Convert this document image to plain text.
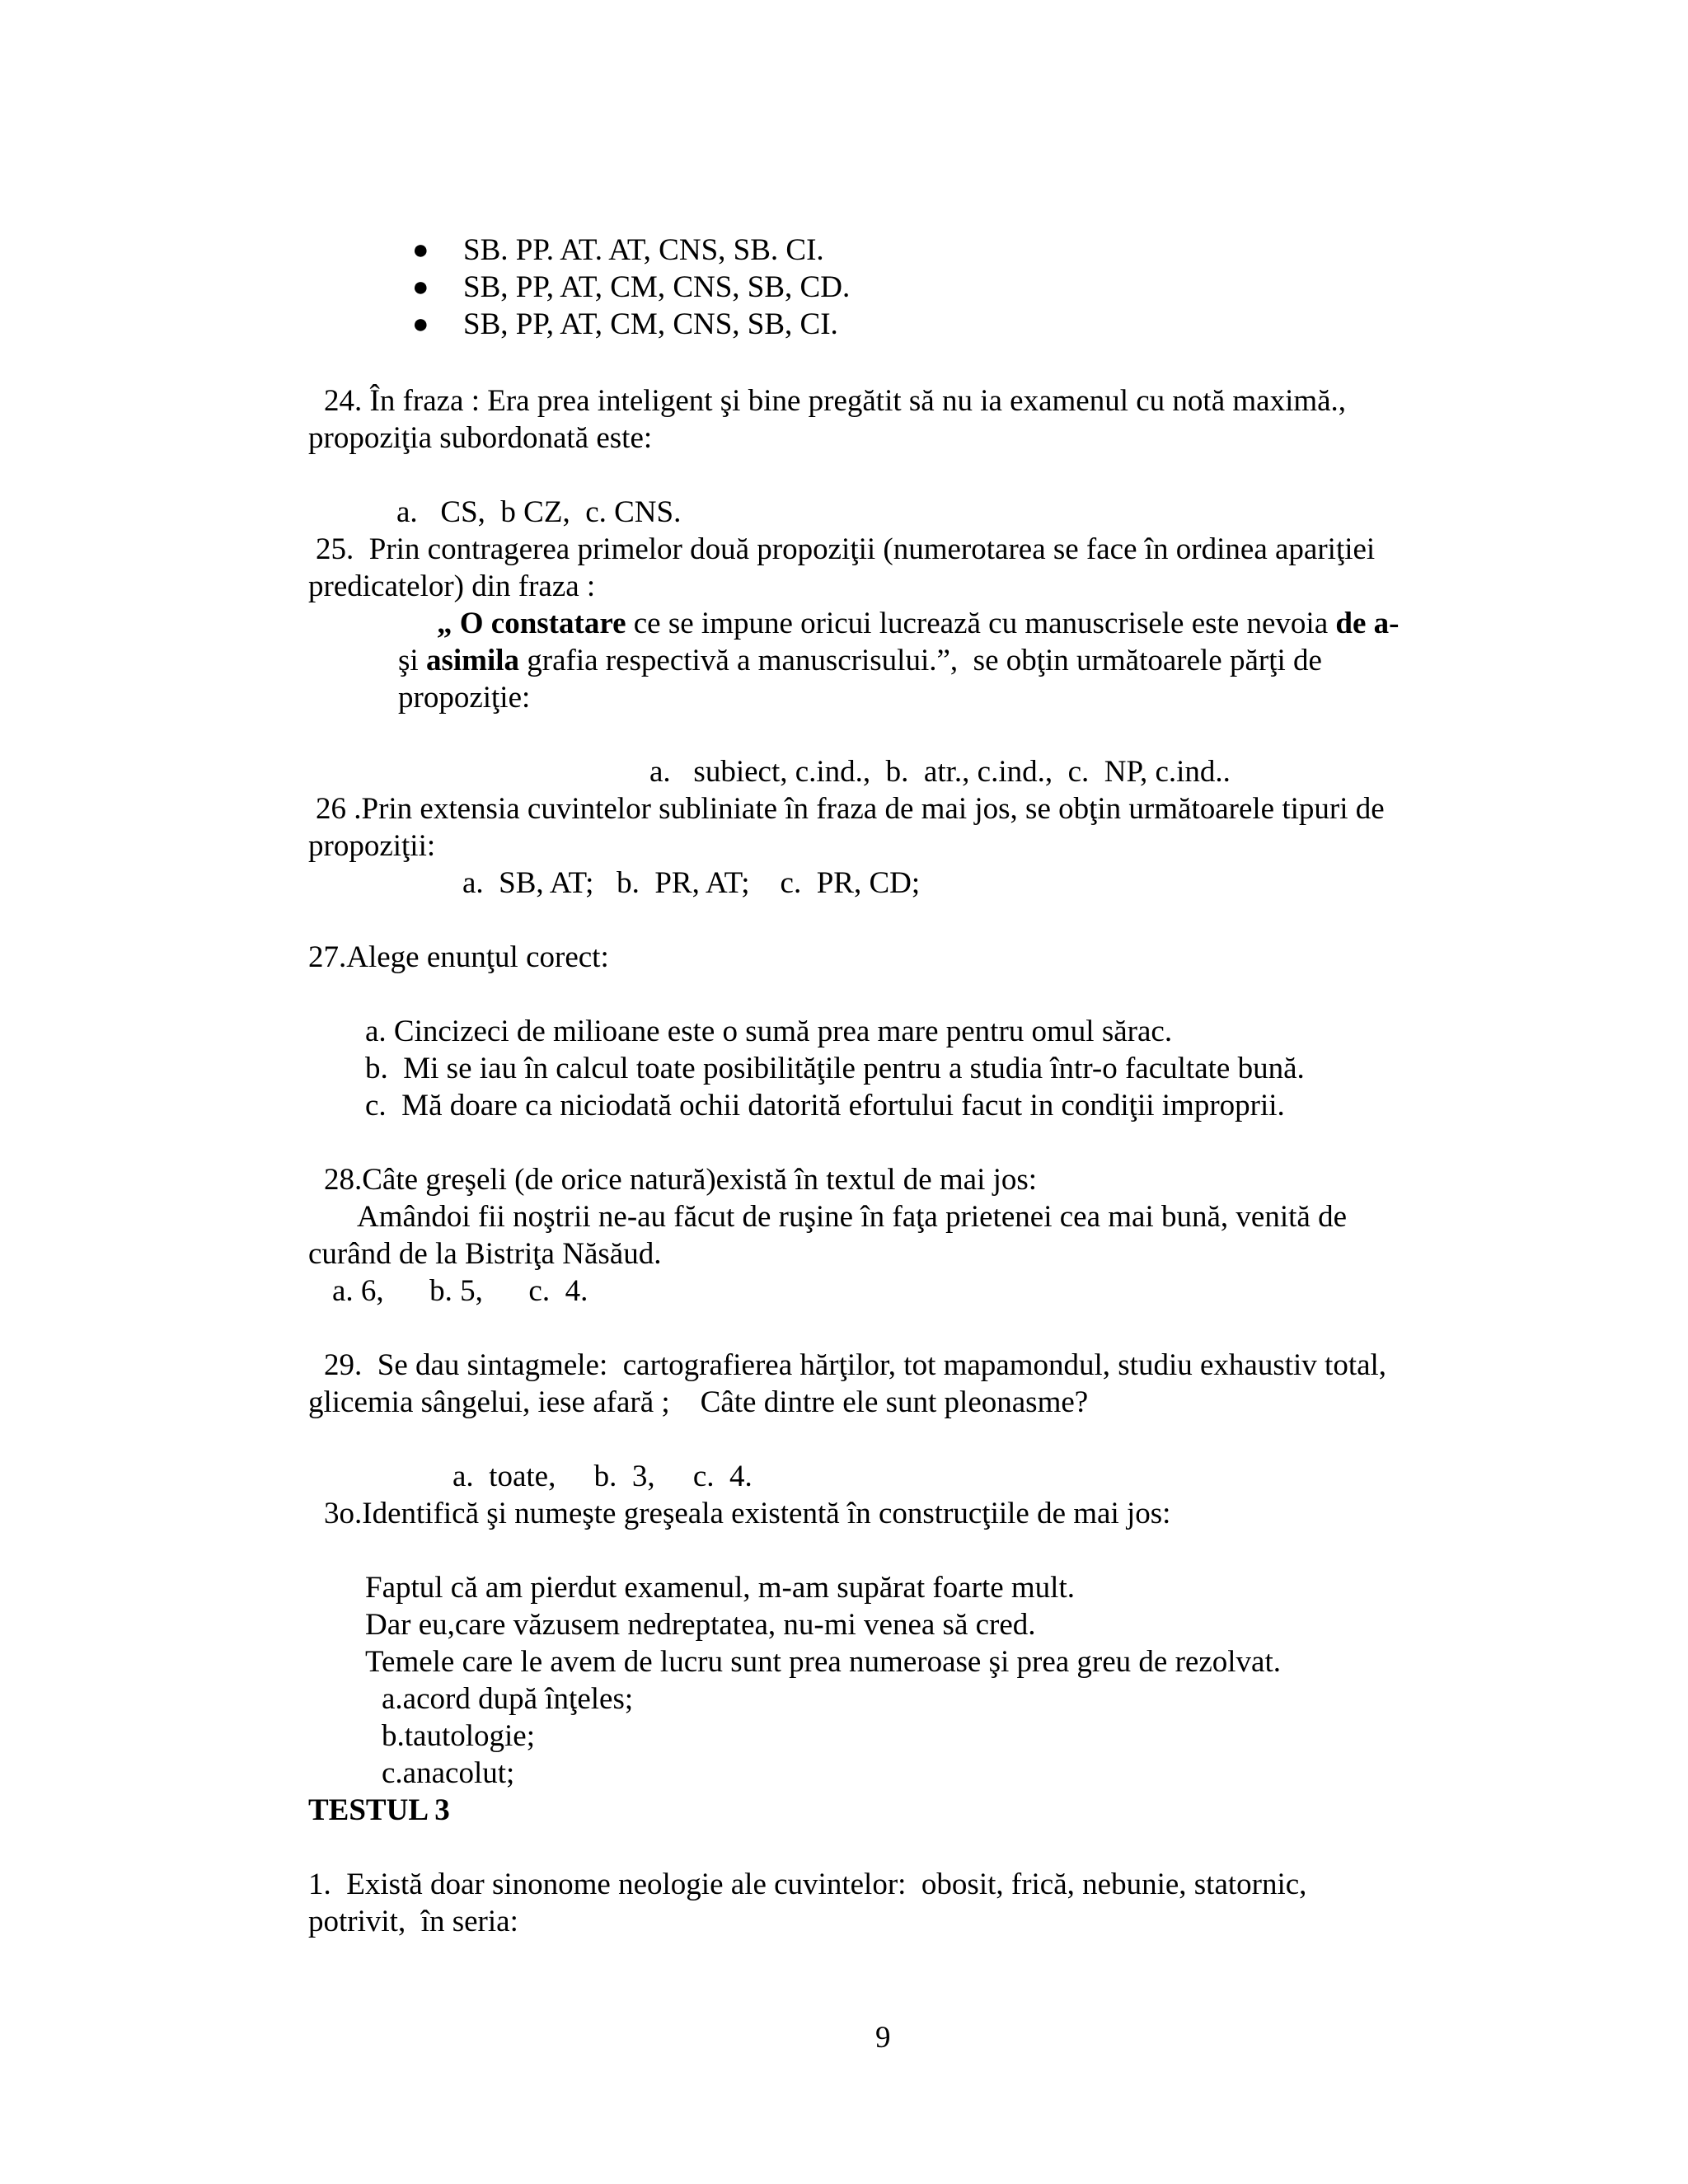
● SB. PP. AT. AT, CNS, SB. CI.
● SB, PP, AT, CM, CNS, SB, CD.
● SB, PP, AT, CM, CNS, SB, CI.
24. În fraza : Era prea inteligent şi bine pregătit să nu ia examenul cu notă maximă.,
propoziţia subordonată este:
a.   CS,  b CZ,  c. CNS.
25.  Prin contragerea primelor două propoziţii (numerotarea se face în ordinea apariţiei
predicatelor) din fraza :
„ O constatare ce se impune oricui lucrează cu manuscrisele este nevoia de a-
şi asimila grafia respectivă a manuscrisului.”,  se obţin următoarele părţi de
propoziţie:
a.   subiect, c.ind.,  b.  atr., c.ind.,  c.  NP, c.ind..
26 .Prin extensia cuvintelor subliniate în fraza de mai jos, se obţin următoarele tipuri de
propoziţii:
a.  SB, AT;   b.  PR, AT;    c.  PR, CD;
27.Alege enunţul corect:
a. Cincizeci de milioane este o sumă prea mare pentru omul sărac.
b.  Mi se iau în calcul toate posibilităţile pentru a studia într-o facultate bună.
c.  Mă doare ca niciodată ochii datorită efortului facut in condiţii improprii.
28.Câte greşeli (de orice natură)există în textul de mai jos:
Amândoi fii noştrii ne-au făcut de ruşine în faţa prietenei cea mai bună, venită de
curând de la Bistriţa Năsăud.
a. 6,      b. 5,      c.  4.
29.  Se dau sintagmele:  cartografierea hărţilor, tot mapamondul, studiu exhaustiv total,
glicemia sângelui, iese afară ;    Câte dintre ele sunt pleonasme?
a.  toate,     b.  3,     c.  4.
3o.Identifică şi numeşte greşeala existentă în construcţiile de mai jos:
Faptul că am pierdut examenul, m-am supărat foarte mult.
Dar eu,care văzusem nedreptatea, nu-mi venea să cred.
Temele care le avem de lucru sunt prea numeroase şi prea greu de rezolvat.
a.acord după înţeles;
b.tautologie;
c.anacolut;
TESTUL 3
1.  Există doar sinonome neologie ale cuvintelor:  obosit, frică, nebunie, statornic,
potrivit,  în seria:
9
